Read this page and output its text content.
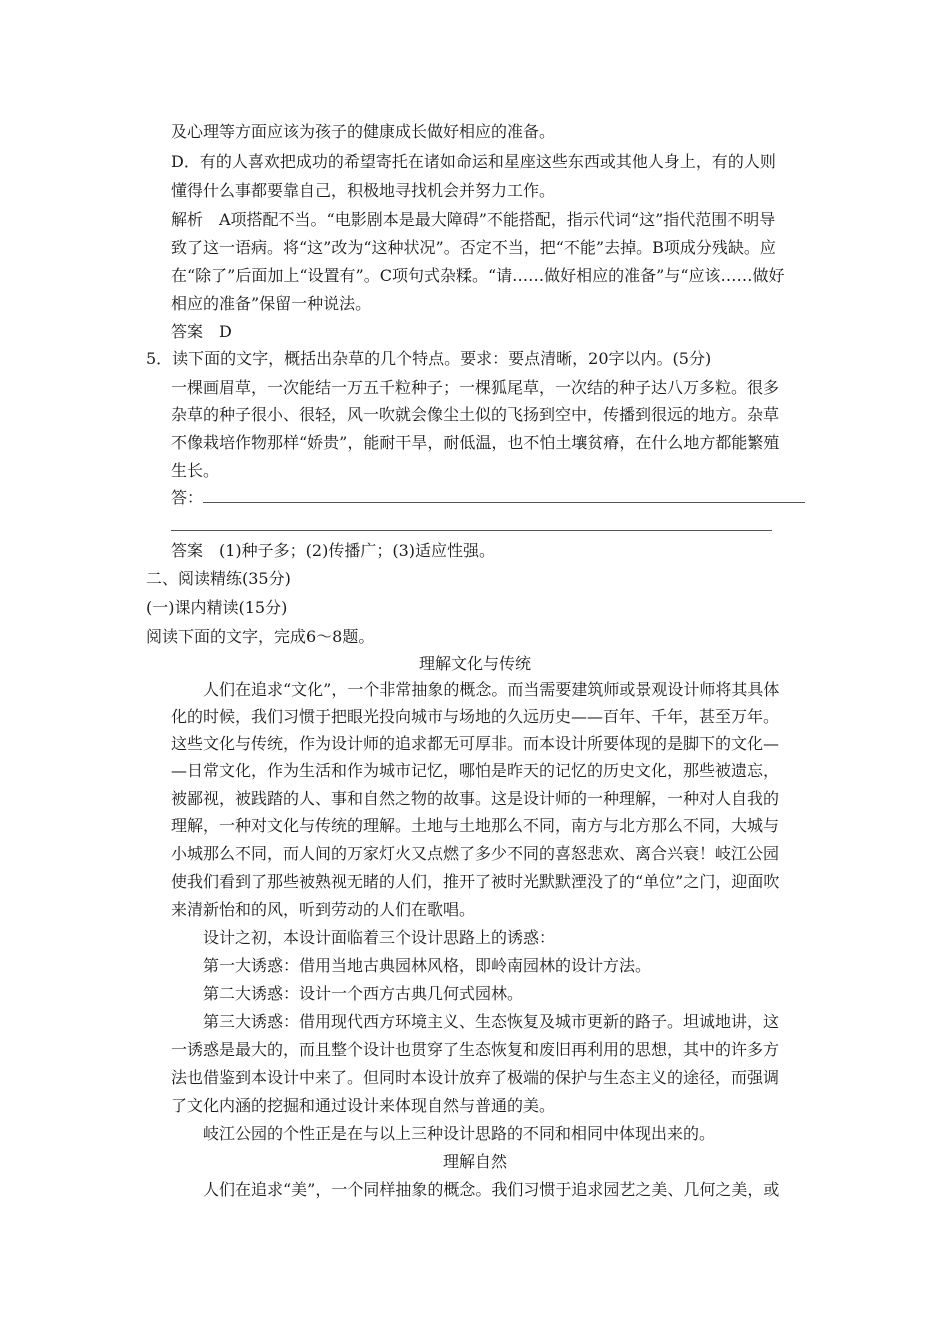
及心理等方面应该为孩子的健康成长做好相应的准备。
D．有的人喜欢把成功的希望寄托在诸如命运和星座这些东西或其他人身上，有的人则
懂得什么事都要靠自己，积极地寻找机会并努力工作。
解析　A项搭配不当。“电影剧本是最大障碍”不能搭配，指示代词“这”指代范围不明导
致了这一语病。将“这”改为“这种状况”。否定不当，把“不能”去掉。B项成分残缺。应
在“除了”后面加上“设置有”。C项句式杂糅。“请……做好相应的准备”与“应该……做好
相应的准备”保留一种说法。
答案　D
5．读下面的文字，概括出杂草的几个特点。要求：要点清晰，20字以内。(5分)
一棵画眉草，一次能结一万五千粒种子；一棵狐尾草，一次结的种子达八万多粒。很多
杂草的种子很小、很轻，风一吹就会像尘土似的飞扬到空中，传播到很远的地方。杂草
不像栽培作物那样“娇贵”，能耐干旱，耐低温，也不怕土壤贫瘠，在什么地方都能繁殖
生长。
答：
答案　(1)种子多；(2)传播广；(3)适应性强。
二、阅读精练(35分)
(一)课内精读(15分)
阅读下面的文字，完成6～8题。
理解文化与传统
人们在追求“文化”，一个非常抽象的概念。而当需要建筑师或景观设计师将其具体
化的时候，我们习惯于把眼光投向城市与场地的久远历史——百年、千年，甚至万年。
这些文化与传统，作为设计师的追求都无可厚非。而本设计所要体现的是脚下的文化—
—日常文化，作为生活和作为城市记忆，哪怕是昨天的记忆的历史文化，那些被遗忘，
被鄙视，被践踏的人、事和自然之物的故事。这是设计师的一种理解，一种对人自我的
理解，一种对文化与传统的理解。土地与土地那么不同，南方与北方那么不同，大城与
小城那么不同，而人间的万家灯火又点燃了多少不同的喜怒悲欢、离合兴衰！岐江公园
使我们看到了那些被熟视无睹的人们，推开了被时光默默湮没了的“单位”之门，迎面吹
来清新怡和的风，听到劳动的人们在歌唱。
设计之初，本设计面临着三个设计思路上的诱惑：
第一大诱惑：借用当地古典园林风格，即岭南园林的设计方法。
第二大诱惑：设计一个西方古典几何式园林。
第三大诱惑：借用现代西方环境主义、生态恢复及城市更新的路子。坦诚地讲，这
一诱惑是最大的，而且整个设计也贯穿了生态恢复和废旧再利用的思想，其中的许多方
法也借鉴到本设计中来了。但同时本设计放弃了极端的保护与生态主义的途径，而强调
了文化内涵的挖掘和通过设计来体现自然与普通的美。
岐江公园的个性正是在与以上三种设计思路的不同和相同中体现出来的。
理解自然
人们在追求“美”，一个同样抽象的概念。我们习惯于追求园艺之美、几何之美，或
